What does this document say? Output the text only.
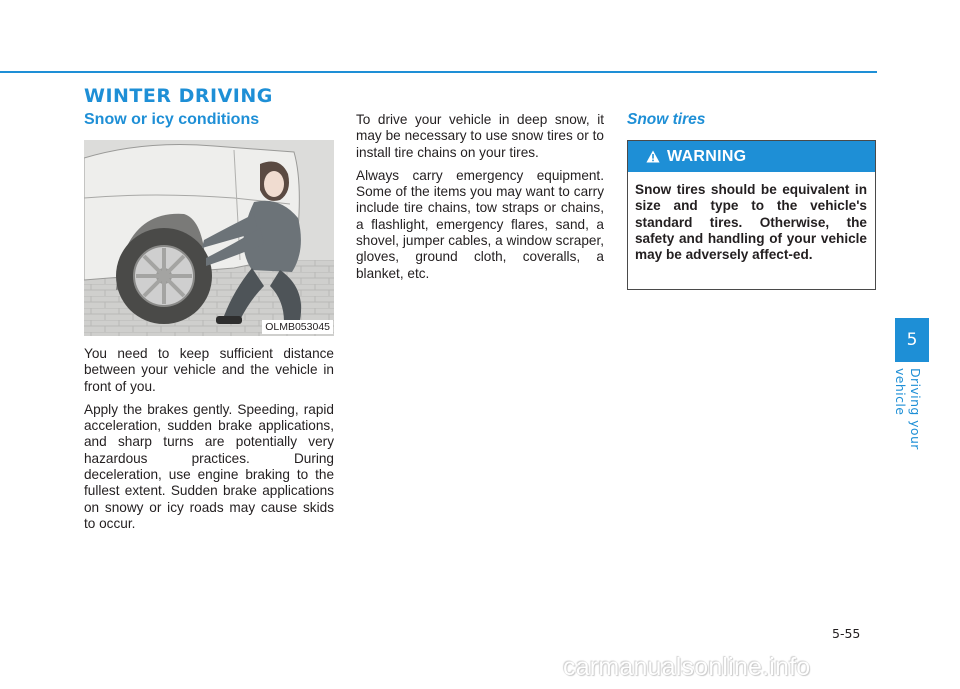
WINTER DRIVING
Snow or icy conditions
OLMB053045

You need to keep sufficient distance between your vehicle and the vehicle in front of you.

Apply the brakes gently. Speeding, rapid acceleration, sudden brake applications, and sharp turns are potentially very hazardous practices. During deceleration, use engine braking to the fullest extent. Sudden brake applications on snowy or icy roads may cause skids to occur.

To drive your vehicle in deep snow, it may be necessary to use snow tires or to install tire chains on your tires.

Always carry emergency equipment. Some of the items you may want to carry include tire chains, tow straps or chains, a flashlight, emergency flares, sand, a shovel, jumper cables, a window scraper, gloves, ground cloth, coveralls, a blanket, etc.

Snow tires
WARNING
Snow tires should be equivalent in size and type to the vehicle's standard tires. Otherwise, the safety and handling of your vehicle may be adversely affect-ed.
5
Driving your vehicle
5-55
carmanualsonline.info
